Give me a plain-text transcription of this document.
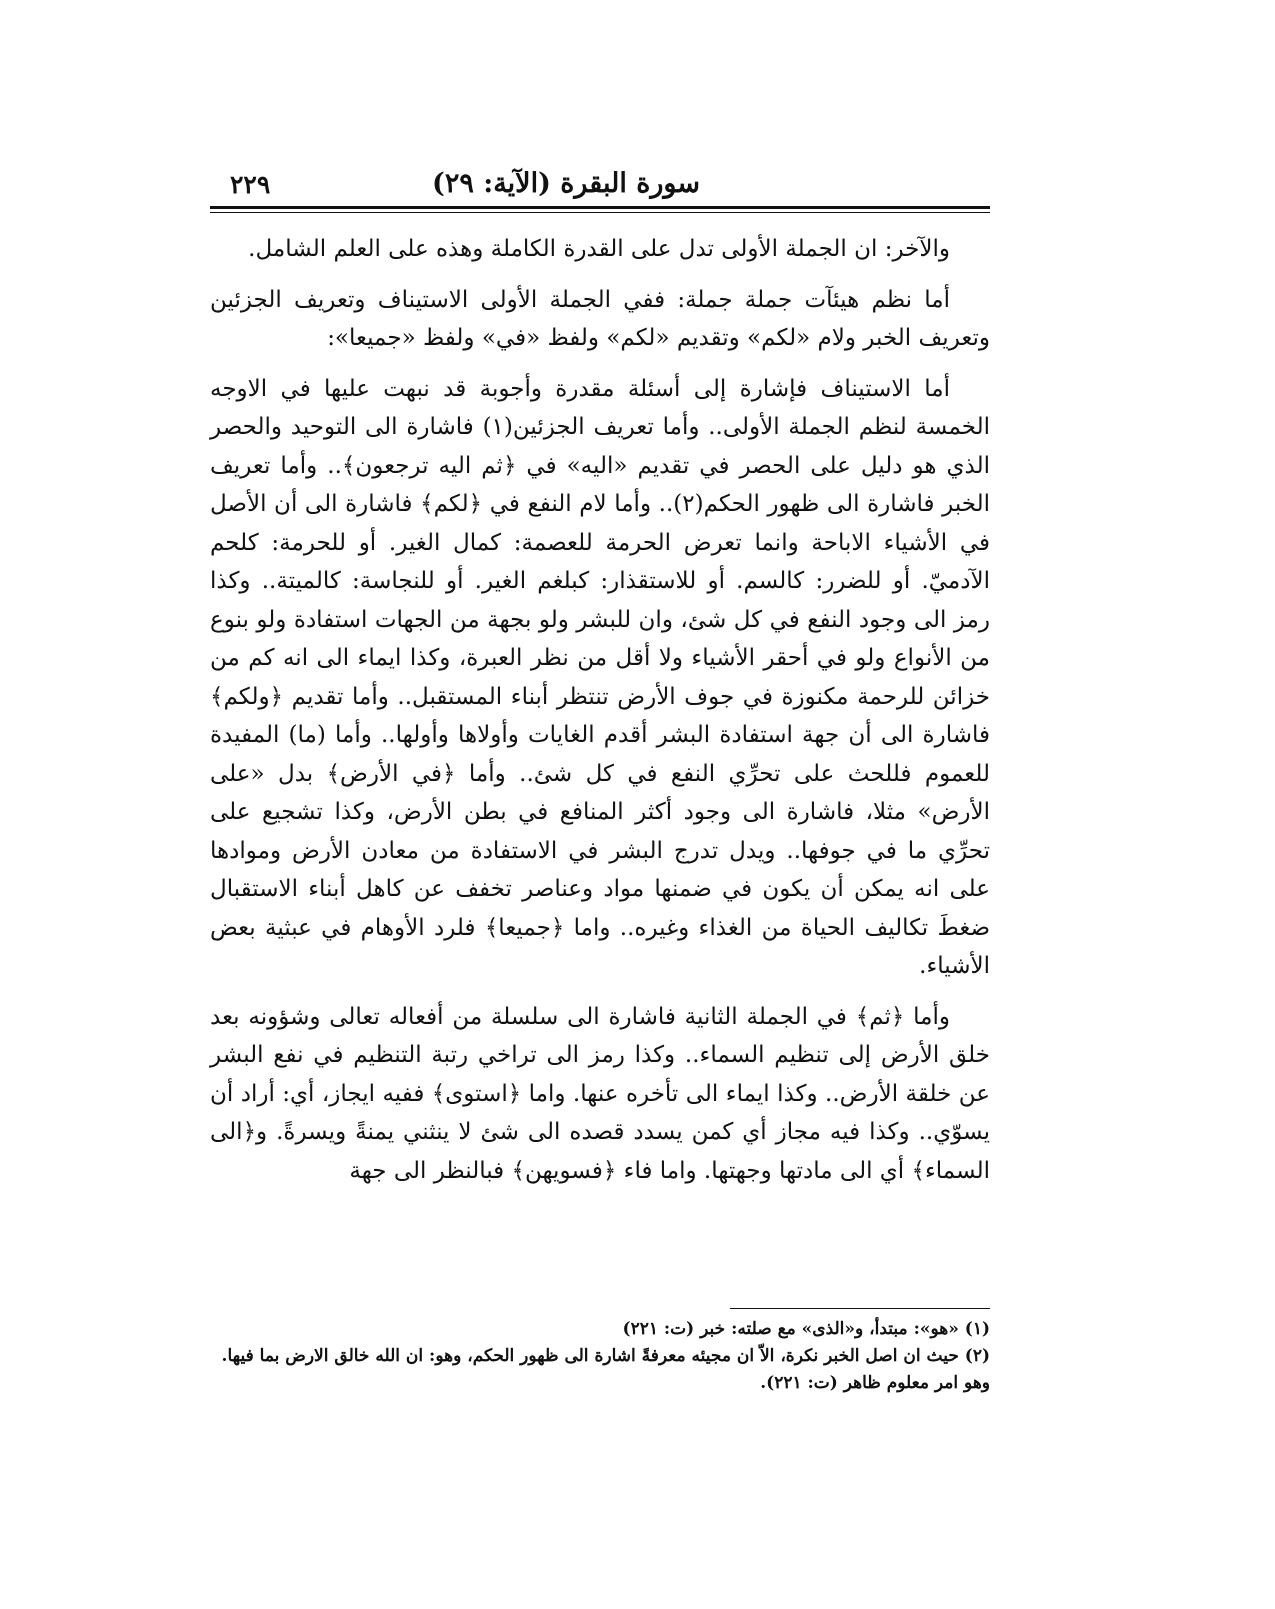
سورة البقرة (الآية: ٢٩)
٢٢٩

والآخر: ان الجملة الأولى تدل على القدرة الكاملة وهذه على العلم الشامل.

أما نظم هيئآت جملة جملة: ففي الجملة الأولى الاستيناف وتعريف الجزئين وتعريف الخبر ولام «لكم» وتقديم «لكم» ولفظ «في» ولفظ «جميعا»:

أما الاستيناف فإشارة إلى أسئلة مقدرة وأجوبة قد نبهت عليها في الاوجه الخمسة لنظم الجملة الأولى.. وأما تعريف الجزئين(١) فاشارة الى التوحيد والحصر الذي هو دليل على الحصر في تقديم «اليه» في ﴿ثم اليه ترجعون﴾.. وأما تعريف الخبر فاشارة الى ظهور الحكم(٢).. وأما لام النفع في ﴿لكم﴾ فاشارة الى أن الأصل في الأشياء الاباحة وانما تعرض الحرمة للعصمة: كمال الغير. أو للحرمة: كلحم الآدميّ. أو للضرر: كالسم. أو للاستقذار: كبلغم الغير. أو للنجاسة: كالميتة.. وكذا رمز الى وجود النفع في كل شئ، وان للبشر ولو بجهة من الجهات استفادة ولو بنوع من الأنواع ولو في أحقر الأشياء ولا أقل من نظر العبرة، وكذا ايماء الى انه كم من خزائن للرحمة مكنوزة في جوف الأرض تنتظر أبناء المستقبل.. وأما تقديم ﴿ولكم﴾ فاشارة الى أن جهة استفادة البشر أقدم الغايات وأولاها وأولها.. وأما (ما) المفيدة للعموم فللحث على تحرِّي النفع في كل شئ.. وأما ﴿في الأرض﴾ بدل «على الأرض» مثلا، فاشارة الى وجود أكثر المنافع في بطن الأرض، وكذا تشجيع على تحرِّي ما في جوفها.. ويدل تدرج البشر في الاستفادة من معادن الأرض وموادها على انه يمكن أن يكون في ضمنها مواد وعناصر تخفف عن كاهل أبناء الاستقبال ضغطَ تكاليف الحياة من الغذاء وغيره.. واما ﴿جميعا﴾ فلرد الأوهام في عبثية بعض الأشياء.

وأما ﴿ثم﴾ في الجملة الثانية فاشارة الى سلسلة من أفعاله تعالى وشؤونه بعد خلق الأرض إلى تنظيم السماء.. وكذا رمز الى تراخي رتبة التنظيم في نفع البشر عن خلقة الأرض.. وكذا ايماء الى تأخره عنها. واما ﴿استوى﴾ ففيه ايجاز، أي: أراد أن يسوّي.. وكذا فيه مجاز أي كمن يسدد قصده الى شئ لا ينثني يمنةً ويسرةً. و﴿الى السماء﴾ أي الى مادتها وجهتها. واما فاء ﴿فسويهن﴾ فبالنظر الى جهة

(١) «هو»: مبتدأ، و«الذى» مع صلته: خبر (ت: ٢٢١)

(٢) حيث ان اصل الخبر نكرة، الاّ ان مجيئه معرفةً اشارة الى ظهور الحكم، وهو: ان الله خالق الارض بما فيها. وهو امر معلوم ظاهر (ت: ٢٢١).
